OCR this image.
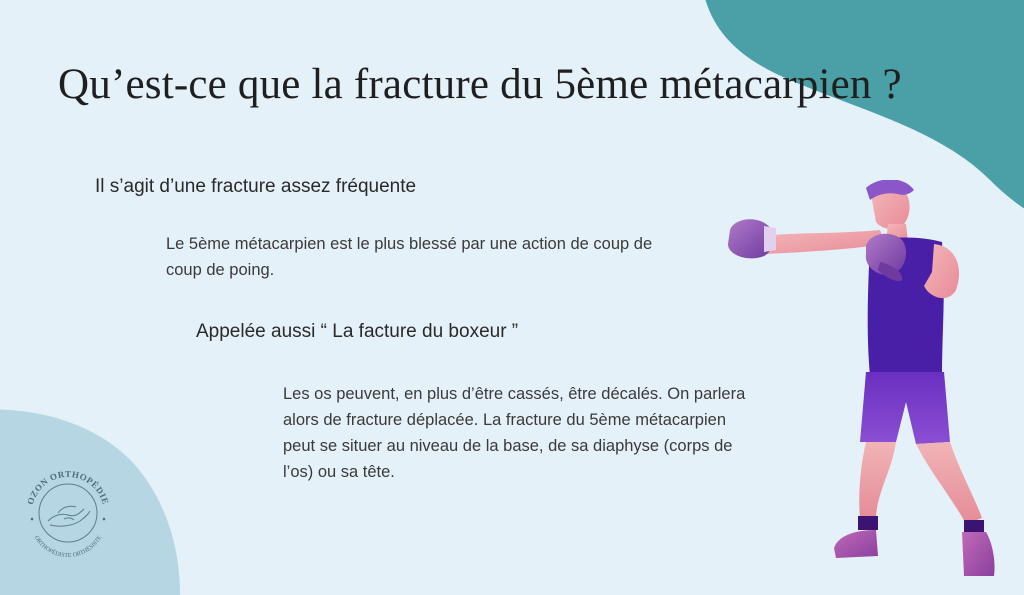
Qu’est-ce que la fracture du 5ème métacarpien ?
Il s’agit d’une fracture assez fréquente
Le 5ème métacarpien est le plus blessé par une action de coup de
coup de poing.
Appelée aussi “ La facture du boxeur ”
Les os peuvent, en plus d’être cassés, être décalés. On parlera
alors de fracture déplacée. La fracture du 5ème métacarpien
peut se situer au niveau de la base, de sa diaphyse (corps de
l’os) ou sa tête.
OZON ORTHOPÉDIE
ORTHOPÉDISTE ORTHÉSISTE
